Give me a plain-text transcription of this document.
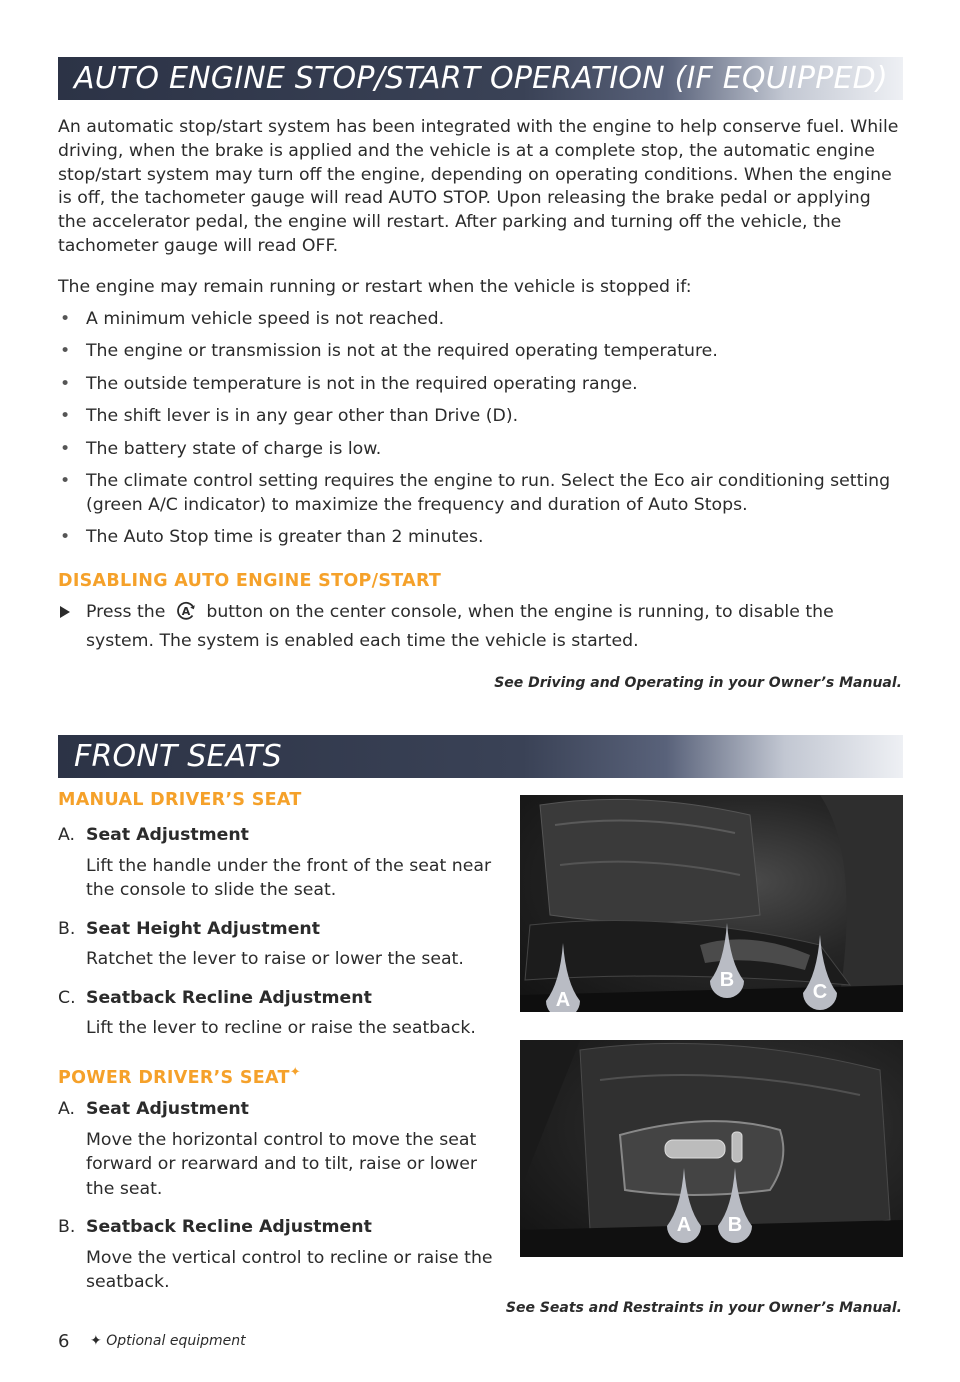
AUTO ENGINE STOP/START OPERATION (IF EQUIPPED)

An automatic stop/start system has been integrated with the engine to help conserve fuel. While driving, when the brake is applied and the vehicle is at a complete stop, the automatic engine stop/start system may turn off the engine, depending on operating conditions. When the engine is off, the tachometer gauge will read AUTO STOP. Upon releasing the brake pedal or applying the accelerator pedal, the engine will restart. After parking and turning off the vehicle, the tachometer gauge will read OFF.

The engine may remain running or restart when the vehicle is stopped if:

• A minimum vehicle speed is not reached.
• The engine or transmission is not at the required operating temperature.
• The outside temperature is not in the required operating range.
• The shift lever is in any gear other than Drive (D).
• The battery state of charge is low.
• The climate control setting requires the engine to run. Select the Eco air conditioning setting (green A/C indicator) to maximize the frequency and duration of Auto Stops.
• The Auto Stop time is greater than 2 minutes.
DISABLING AUTO ENGINE STOP/START
Press the A button on the center console, when the engine is running, to disable the system. The system is enabled each time the vehicle is started.
See Driving and Operating in your Owner’s Manual.
FRONT SEATS
MANUAL DRIVER’S SEAT
A. Seat Adjustment
Lift the handle under the front of the seat near the console to slide the seat.
B. Seat Height Adjustment
Ratchet the lever to raise or lower the seat.
C. Seatback Recline Adjustment
Lift the lever to recline or raise the seatback.
POWER DRIVER’S SEAT✦
A. Seat Adjustment
Move the horizontal control to move the seat forward or rearward and to tilt, raise or lower the seat.
B. Seatback Recline Adjustment
Move the vertical control to recline or raise the seatback.
A
B
C
A	B
See Seats and Restraints in your Owner’s Manual.
6 ✦ Optional equipment
